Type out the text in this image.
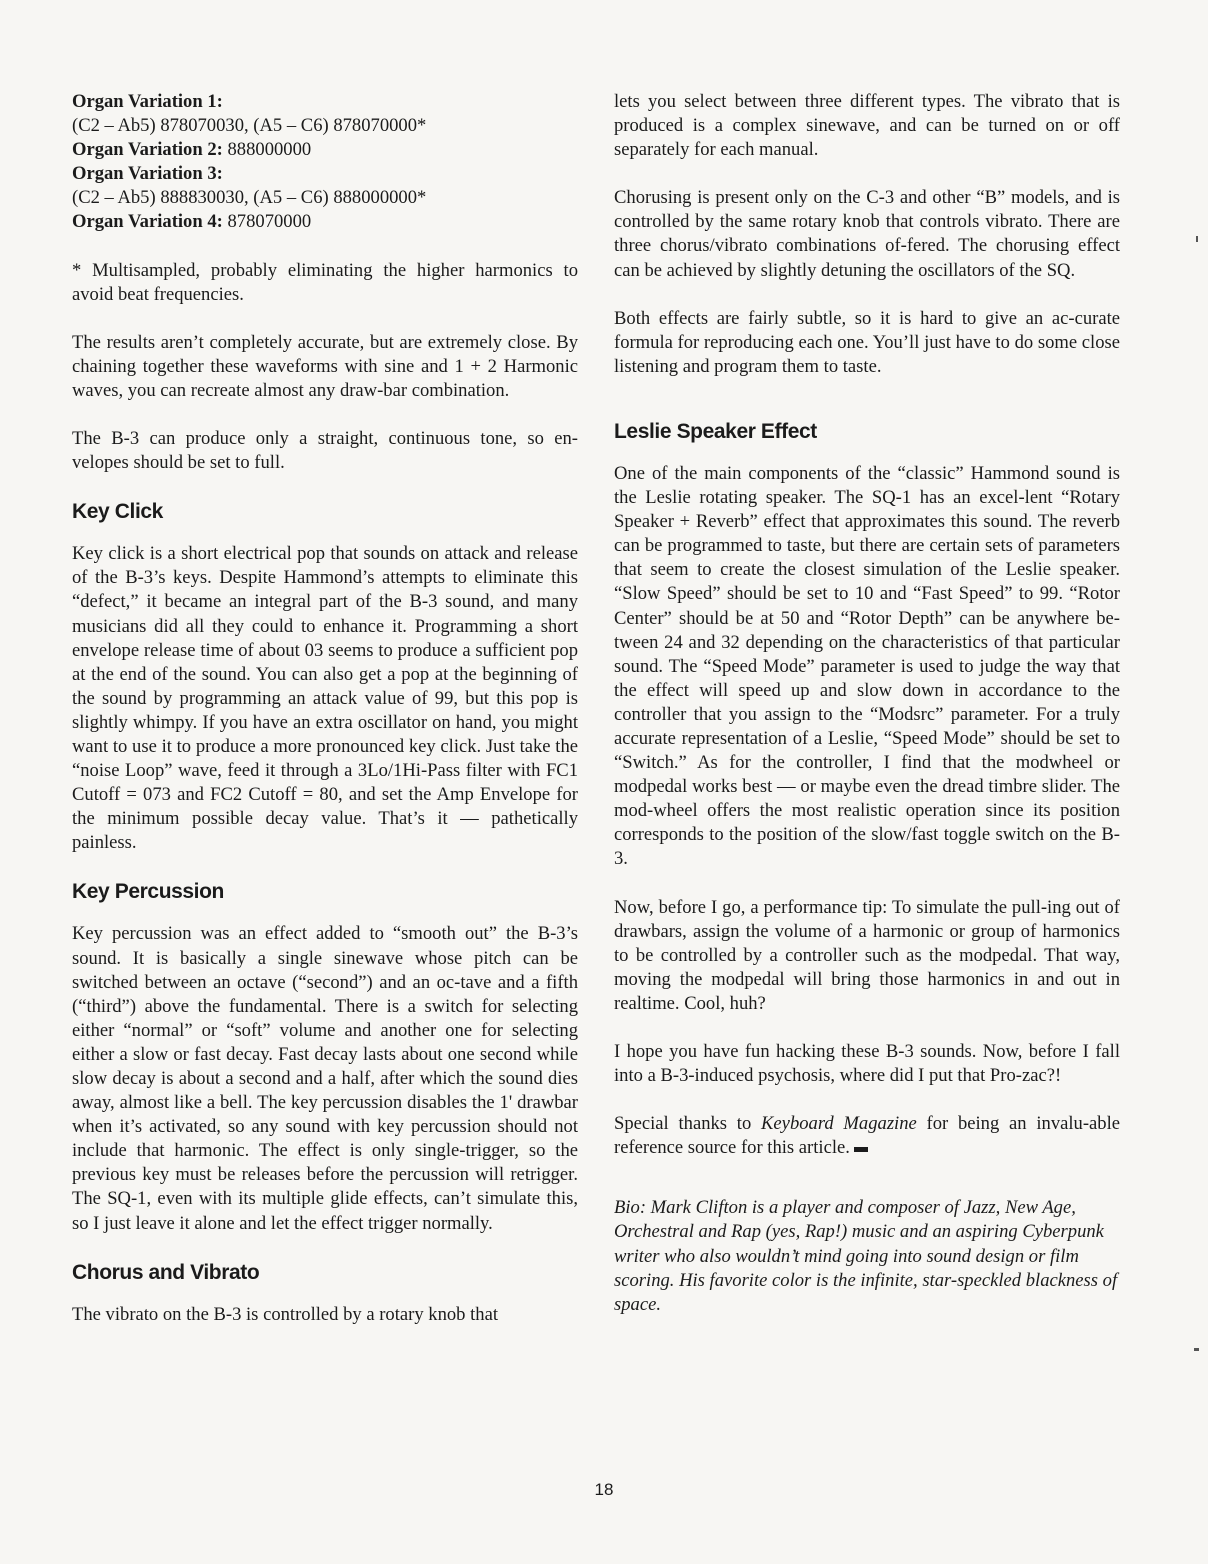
Organ Variation 1:

(C2 – Ab5) 878070030, (A5 – C6) 878070000*

Organ Variation 2: 888000000

Organ Variation 3:

(C2 – Ab5) 888830030, (A5 – C6) 888000000*

Organ Variation 4: 878070000

* Multisampled, probably eliminating the higher harmonics to avoid beat frequencies.

The results aren’t completely accurate, but are extremely close. By chaining together these waveforms with sine and 1 + 2 Harmonic waves, you can recreate almost any draw-bar combination.

The B-3 can produce only a straight, continuous tone, so en-velopes should be set to full.

Key Click

Key click is a short electrical pop that sounds on attack and release of the B-3’s keys. Despite Hammond’s attempts to eliminate this “defect,” it became an integral part of the B-3 sound, and many musicians did all they could to enhance it. Programming a short envelope release time of about 03 seems to produce a sufficient pop at the end of the sound. You can also get a pop at the beginning of the sound by programming an attack value of 99, but this pop is slightly whimpy. If you have an extra oscillator on hand, you might want to use it to produce a more pronounced key click. Just take the “noise Loop” wave, feed it through a 3Lo/1Hi-Pass filter with FC1 Cutoff = 073 and FC2 Cutoff = 80, and set the Amp Envelope for the minimum possible decay value. That’s it — pathetically painless.

Key Percussion

Key percussion was an effect added to “smooth out” the B-3’s sound. It is basically a single sinewave whose pitch can be switched between an octave (“second”) and an oc-tave and a fifth (“third”) above the fundamental. There is a switch for selecting either “normal” or “soft” volume and another one for selecting either a slow or fast decay. Fast decay lasts about one second while slow decay is about a second and a half, after which the sound dies away, almost like a bell. The key percussion disables the 1' drawbar when it’s activated, so any sound with key percussion should not include that harmonic. The effect is only single-trigger, so the previous key must be releases before the percussion will retrigger. The SQ-1, even with its multiple glide effects, can’t simulate this, so I just leave it alone and let the effect trigger normally.

Chorus and Vibrato

The vibrato on the B-3 is controlled by a rotary knob that

lets you select between three different types. The vibrato that is produced is a complex sinewave, and can be turned on or off separately for each manual.

Chorusing is present only on the C-3 and other “B” models, and is controlled by the same rotary knob that controls vibrato. There are three chorus/vibrato combinations of-fered. The chorusing effect can be achieved by slightly detuning the oscillators of the SQ.

Both effects are fairly subtle, so it is hard to give an ac-curate formula for reproducing each one. You’ll just have to do some close listening and program them to taste.

Leslie Speaker Effect

One of the main components of the “classic” Hammond sound is the Leslie rotating speaker. The SQ-1 has an excel-lent “Rotary Speaker + Reverb” effect that approximates this sound. The reverb can be programmed to taste, but there are certain sets of parameters that seem to create the closest simulation of the Leslie speaker. “Slow Speed” should be set to 10 and “Fast Speed” to 99. “Rotor Center” should be at 50 and “Rotor Depth” can be anywhere be-tween 24 and 32 depending on the characteristics of that particular sound. The “Speed Mode” parameter is used to judge the way that the effect will speed up and slow down in accordance to the controller that you assign to the “Modsrc” parameter. For a truly accurate representation of a Leslie, “Speed Mode” should be set to “Switch.” As for the controller, I find that the modwheel or modpedal works best — or maybe even the dread timbre slider. The mod-wheel offers the most realistic operation since its position corresponds to the position of the slow/fast toggle switch on the B-3.

Now, before I go, a performance tip: To simulate the pull-ing out of drawbars, assign the volume of a harmonic or group of harmonics to be controlled by a controller such as the modpedal. That way, moving the modpedal will bring those harmonics in and out in realtime. Cool, huh?

I hope you have fun hacking these B-3 sounds. Now, before I fall into a B-3-induced psychosis, where did I put that Pro-zac?!

Special thanks to Keyboard Magazine for being an invalu-able reference source for this article.

Bio: Mark Clifton is a player and composer of Jazz, New Age, Orchestral and Rap (yes, Rap!) music and an aspiring Cyberpunk writer who also wouldn’t mind going into sound design or film scoring. His favorite color is the infinite, star-speckled blackness of space.

18
